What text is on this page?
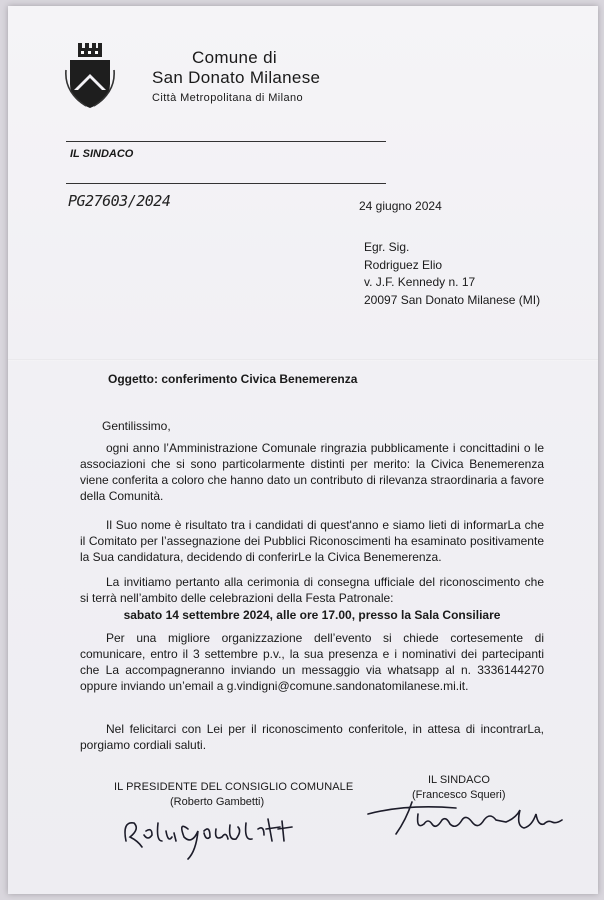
Comune di
San Donato Milanese
Città Metropolitana di Milano
IL SINDACO
PG27603/2024	24 giugno 2024
Egr. Sig.
Rodriguez Elio
v. J.F. Kennedy n. 17
20097 San Donato Milanese (MI)
Oggetto: conferimento Civica Benemerenza
Gentilissimo,
ogni anno l’Amministrazione Comunale ringrazia pubblicamente i concittadini o le associazioni che si sono particolarmente distinti per merito: la Civica Benemerenza viene conferita a coloro che hanno dato un contributo di rilevanza straordinaria a favore della Comunità.
Il Suo nome è risultato tra i candidati di quest'anno e siamo lieti di informarLa che il Comitato per l’assegnazione dei Pubblici Riconoscimenti ha esaminato positivamente la Sua candidatura, decidendo di conferirLe la Civica Benemerenza.
La invitiamo pertanto alla cerimonia di consegna ufficiale del riconoscimento che si terrà nell’ambito delle celebrazioni della Festa Patronale:
sabato 14 settembre 2024, alle ore 17.00, presso la Sala Consiliare
Per una migliore organizzazione dell’evento si chiede cortesemente di comunicare, entro il 3 settembre p.v., la sua presenza e i nominativi dei partecipanti che La accompagneranno inviando un messaggio via whatsapp al n. 3336144270 oppure inviando un’email a g.vindigni@comune.sandonatomilanese.mi.it.
Nel felicitarci con Lei per il riconoscimento conferitole, in attesa di incontrarLa, porgiamo cordiali saluti.
IL PRESIDENTE DEL CONSIGLIO COMUNALE
(Roberto Gambetti)
IL SINDACO
(Francesco Squeri)
